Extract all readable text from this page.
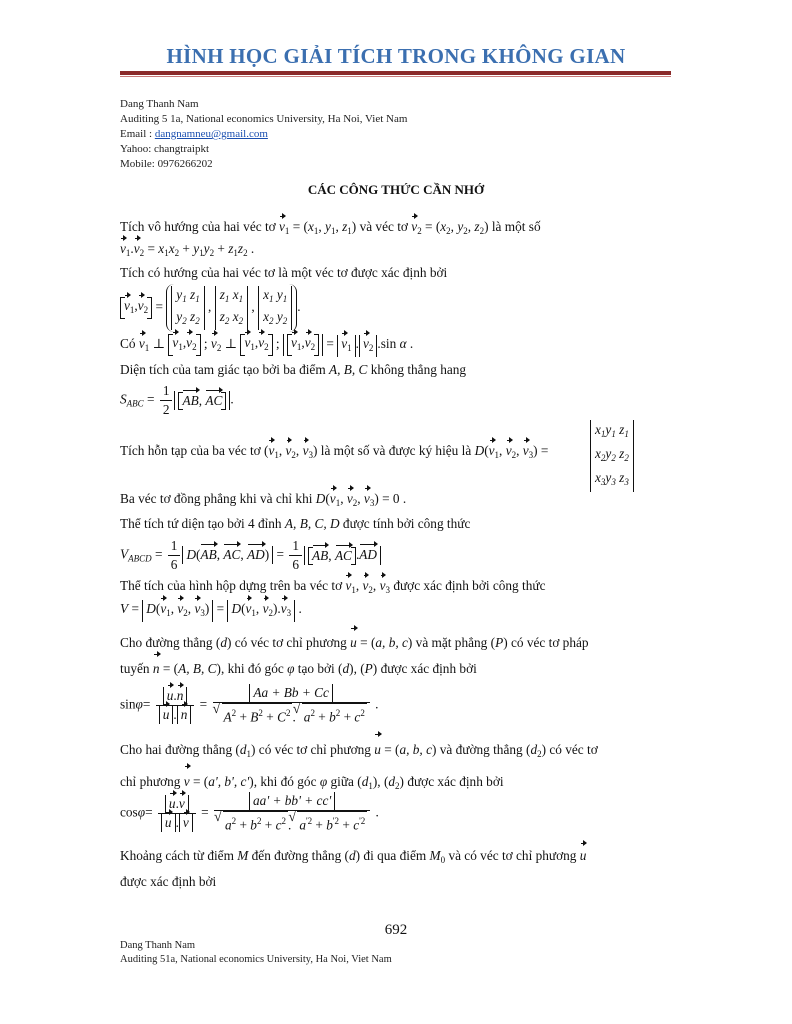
HÌNH HỌC GIẢI TÍCH TRONG KHÔNG GIAN
Dang Thanh Nam
Auditing 5 1a, National economics University, Ha Noi, Viet Nam
Email : dangnamneu@gmail.com
Yahoo: changtraipkt
Mobile: 0976266202
CÁC CÔNG THỨC CẦN NHỚ
Tích vô hướng của hai véc tơ $v_1 = (x_1$, $y_1$, $z_1$) và véc tơ $v_2 = (x_2$, $y_2$, $z_2$) là một số
$v_1.v_2 = x_1x_2 + y_1y_2 + z_1z_2$ .
Tích có hướng của hai véc tơ là một véc tơ được xác định bởi
$v_1,v_2 = y_1$ $z_1$
$y_2$ $z_2$ , $z_1$ $x_1$
$z_2$ $x_2$ , $x_1$ $y_1$
$x_2$ $y_2$.
Có $v_1$ ⊥ $v_1,v_2$ ; $v_2$ ⊥ $v_1,v_2$ ; $v_1,v_2 = v_1$ . $v_2$ .sin α .
Diện tích của tam giác tạo bởi ba điểm A, B, C không thẳng hang
$S_{ABC} = \frac{1}{2}$ AB, AC .
Tích hỗn tạp của ba véc tơ ($v_1$, $v_2$, $v_3$) là một số và được ký hiệu là $D(v_1$, $v_2$, $v_3$) =
$x_1y_1$ $z_1$
$x_2y_2$ $z_2$
$x_3y_3$ $z_3$
Ba véc tơ đồng phẳng khi và chỉ khi $D(v_1$, $v_2$, $v_3) = 0$ .
Thể tích tứ diện tạo bởi 4 đỉnh A, B, C, D được tính bởi công thức
$V_{ABCD} = \frac{1}{6} D(AB$, AC, $AD) = \frac{1}{6}$ AB, AC .AD
Thể tích của hình hộp dựng trên ba véc tơ $v_1$, $v_2$, $v_3$ được xác định bởi công thức
$V = D(v_1$, $v_2$, $v_3) = D(v_1$, $v_2).v_3$ .
Cho đường thẳng (d) có véc tơ chỉ phương u = (a, b, c) và mặt phẳng (P) có véc tơ pháp
tuyến n = (A, B, C), khi đó góc φ tạo bởi (d), (P) được xác định bởi
$\sin\varphi= \frac{u.n}{u . n} = Aa + Bb + Cc$
√ $A^2 + B^2 + C^2$ . √ $a^2 + b^2 + c^2$ .
Cho hai đường thẳng $(d_1)$ có véc tơ chỉ phương u = (a, b, c) và đường thẳng $(d_2)$ có véc tơ
chỉ phương v = (a', b', c'), khi đó góc φ giữa $(d_1)$, $(d_2)$ được xác định bởi
$\cos\varphi= \frac{u.v}{u . v} = aa' + bb' + cc'$
√ $a^2 + b^2 + c^2$ . √ $a^{'2} + b^{'2} + c^{'2}$ .
Khoảng cách từ điểm M đến đường thẳng (d) đi qua điểm $M_0$ và có véc tơ chỉ phương u
được xác định bởi
692
Dang Thanh Nam
Auditing 51a, National economics University, Ha Noi, Viet Nam
